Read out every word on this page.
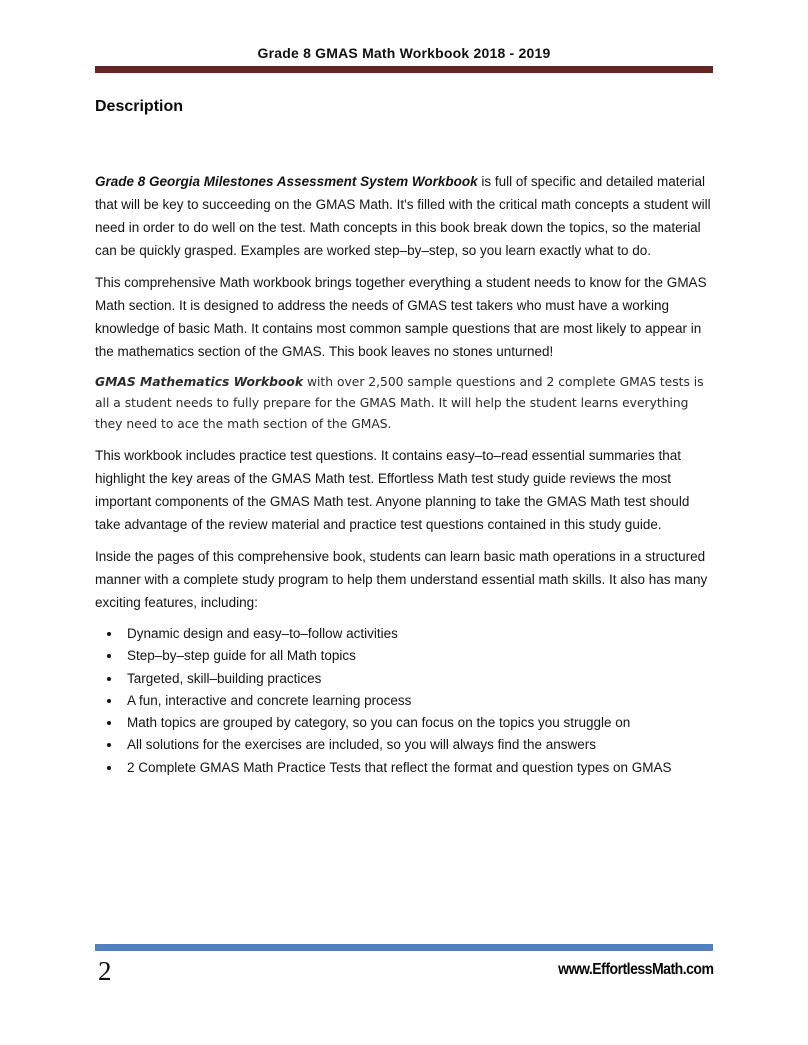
Grade 8 GMAS Math Workbook 2018 - 2019
Description

Grade 8 Georgia Milestones Assessment System Workbook is full of specific and detailed material that will be key to succeeding on the GMAS Math. It's filled with the critical math concepts a student will need in order to do well on the test. Math concepts in this book break down the topics, so the material can be quickly grasped. Examples are worked step–by–step, so you learn exactly what to do.

This comprehensive Math workbook brings together everything a student needs to know for the GMAS Math section. It is designed to address the needs of GMAS test takers who must have a working knowledge of basic Math. It contains most common sample questions that are most likely to appear in the mathematics section of the GMAS. This book leaves no stones unturned!

GMAS Mathematics Workbook with over 2,500 sample questions and 2 complete GMAS tests is all a student needs to fully prepare for the GMAS Math. It will help the student learns everything they need to ace the math section of the GMAS.

This workbook includes practice test questions. It contains easy–to–read essential summaries that highlight the key areas of the GMAS Math test. Effortless Math test study guide reviews the most important components of the GMAS Math test. Anyone planning to take the GMAS Math test should take advantage of the review material and practice test questions contained in this study guide.

Inside the pages of this comprehensive book, students can learn basic math operations in a structured manner with a complete study program to help them understand essential math skills. It also has many exciting features, including:

• Dynamic design and easy–to–follow activities
• Step–by–step guide for all Math topics
• Targeted, skill–building practices
• A fun, interactive and concrete learning process
• Math topics are grouped by category, so you can focus on the topics you struggle on
• All solutions for the exercises are included, so you will always find the answers
• 2 Complete GMAS Math Practice Tests that reflect the format and question types on GMAS
2	www.EffortlessMath.com
